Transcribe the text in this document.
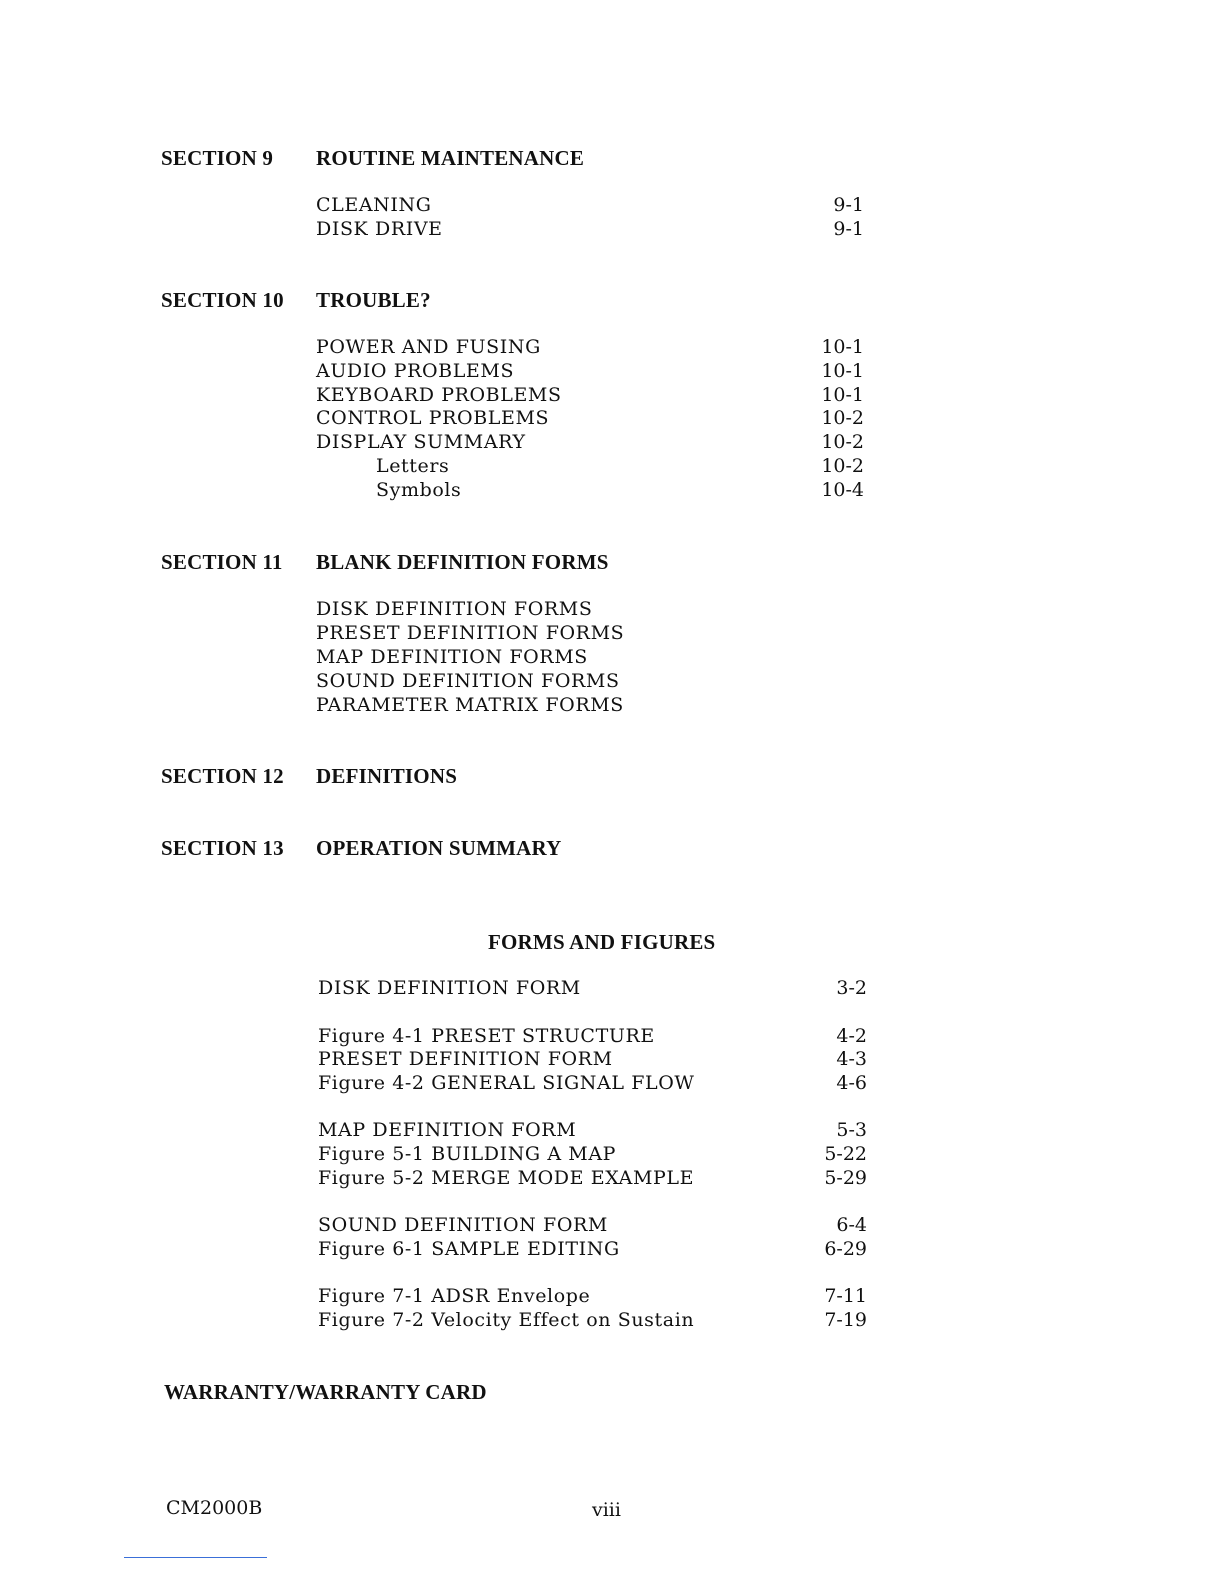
SECTION 9 ROUTINE MAINTENANCE
CLEANING	9-1
DISK DRIVE	9-1
SECTION 10 TROUBLE?
POWER AND FUSING	10-1
AUDIO PROBLEMS	10-1
KEYBOARD PROBLEMS	10-1
CONTROL PROBLEMS	10-2
DISPLAY SUMMARY	10-2
Letters	10-2
Symbols	10-4
SECTION 11 BLANK DEFINITION FORMS
DISK DEFINITION FORMS
PRESET DEFINITION FORMS
MAP DEFINITION FORMS
SOUND DEFINITION FORMS
PARAMETER MATRIX FORMS
SECTION 12 DEFINITIONS
SECTION 13 OPERATION SUMMARY
FORMS AND FIGURES
DISK DEFINITION FORM	3-2
Figure 4-1 PRESET STRUCTURE	4-2
PRESET DEFINITION FORM	4-3
Figure 4-2 GENERAL SIGNAL FLOW	4-6
MAP DEFINITION FORM	5-3
Figure 5-1 BUILDING A MAP	5-22
Figure 5-2 MERGE MODE EXAMPLE	5-29
SOUND DEFINITION FORM	6-4
Figure 6-1 SAMPLE EDITING	6-29
Figure 7-1 ADSR Envelope	7-11
Figure 7-2 Velocity Effect on Sustain	7-19
WARRANTY/WARRANTY CARD
CM2000B	viii
